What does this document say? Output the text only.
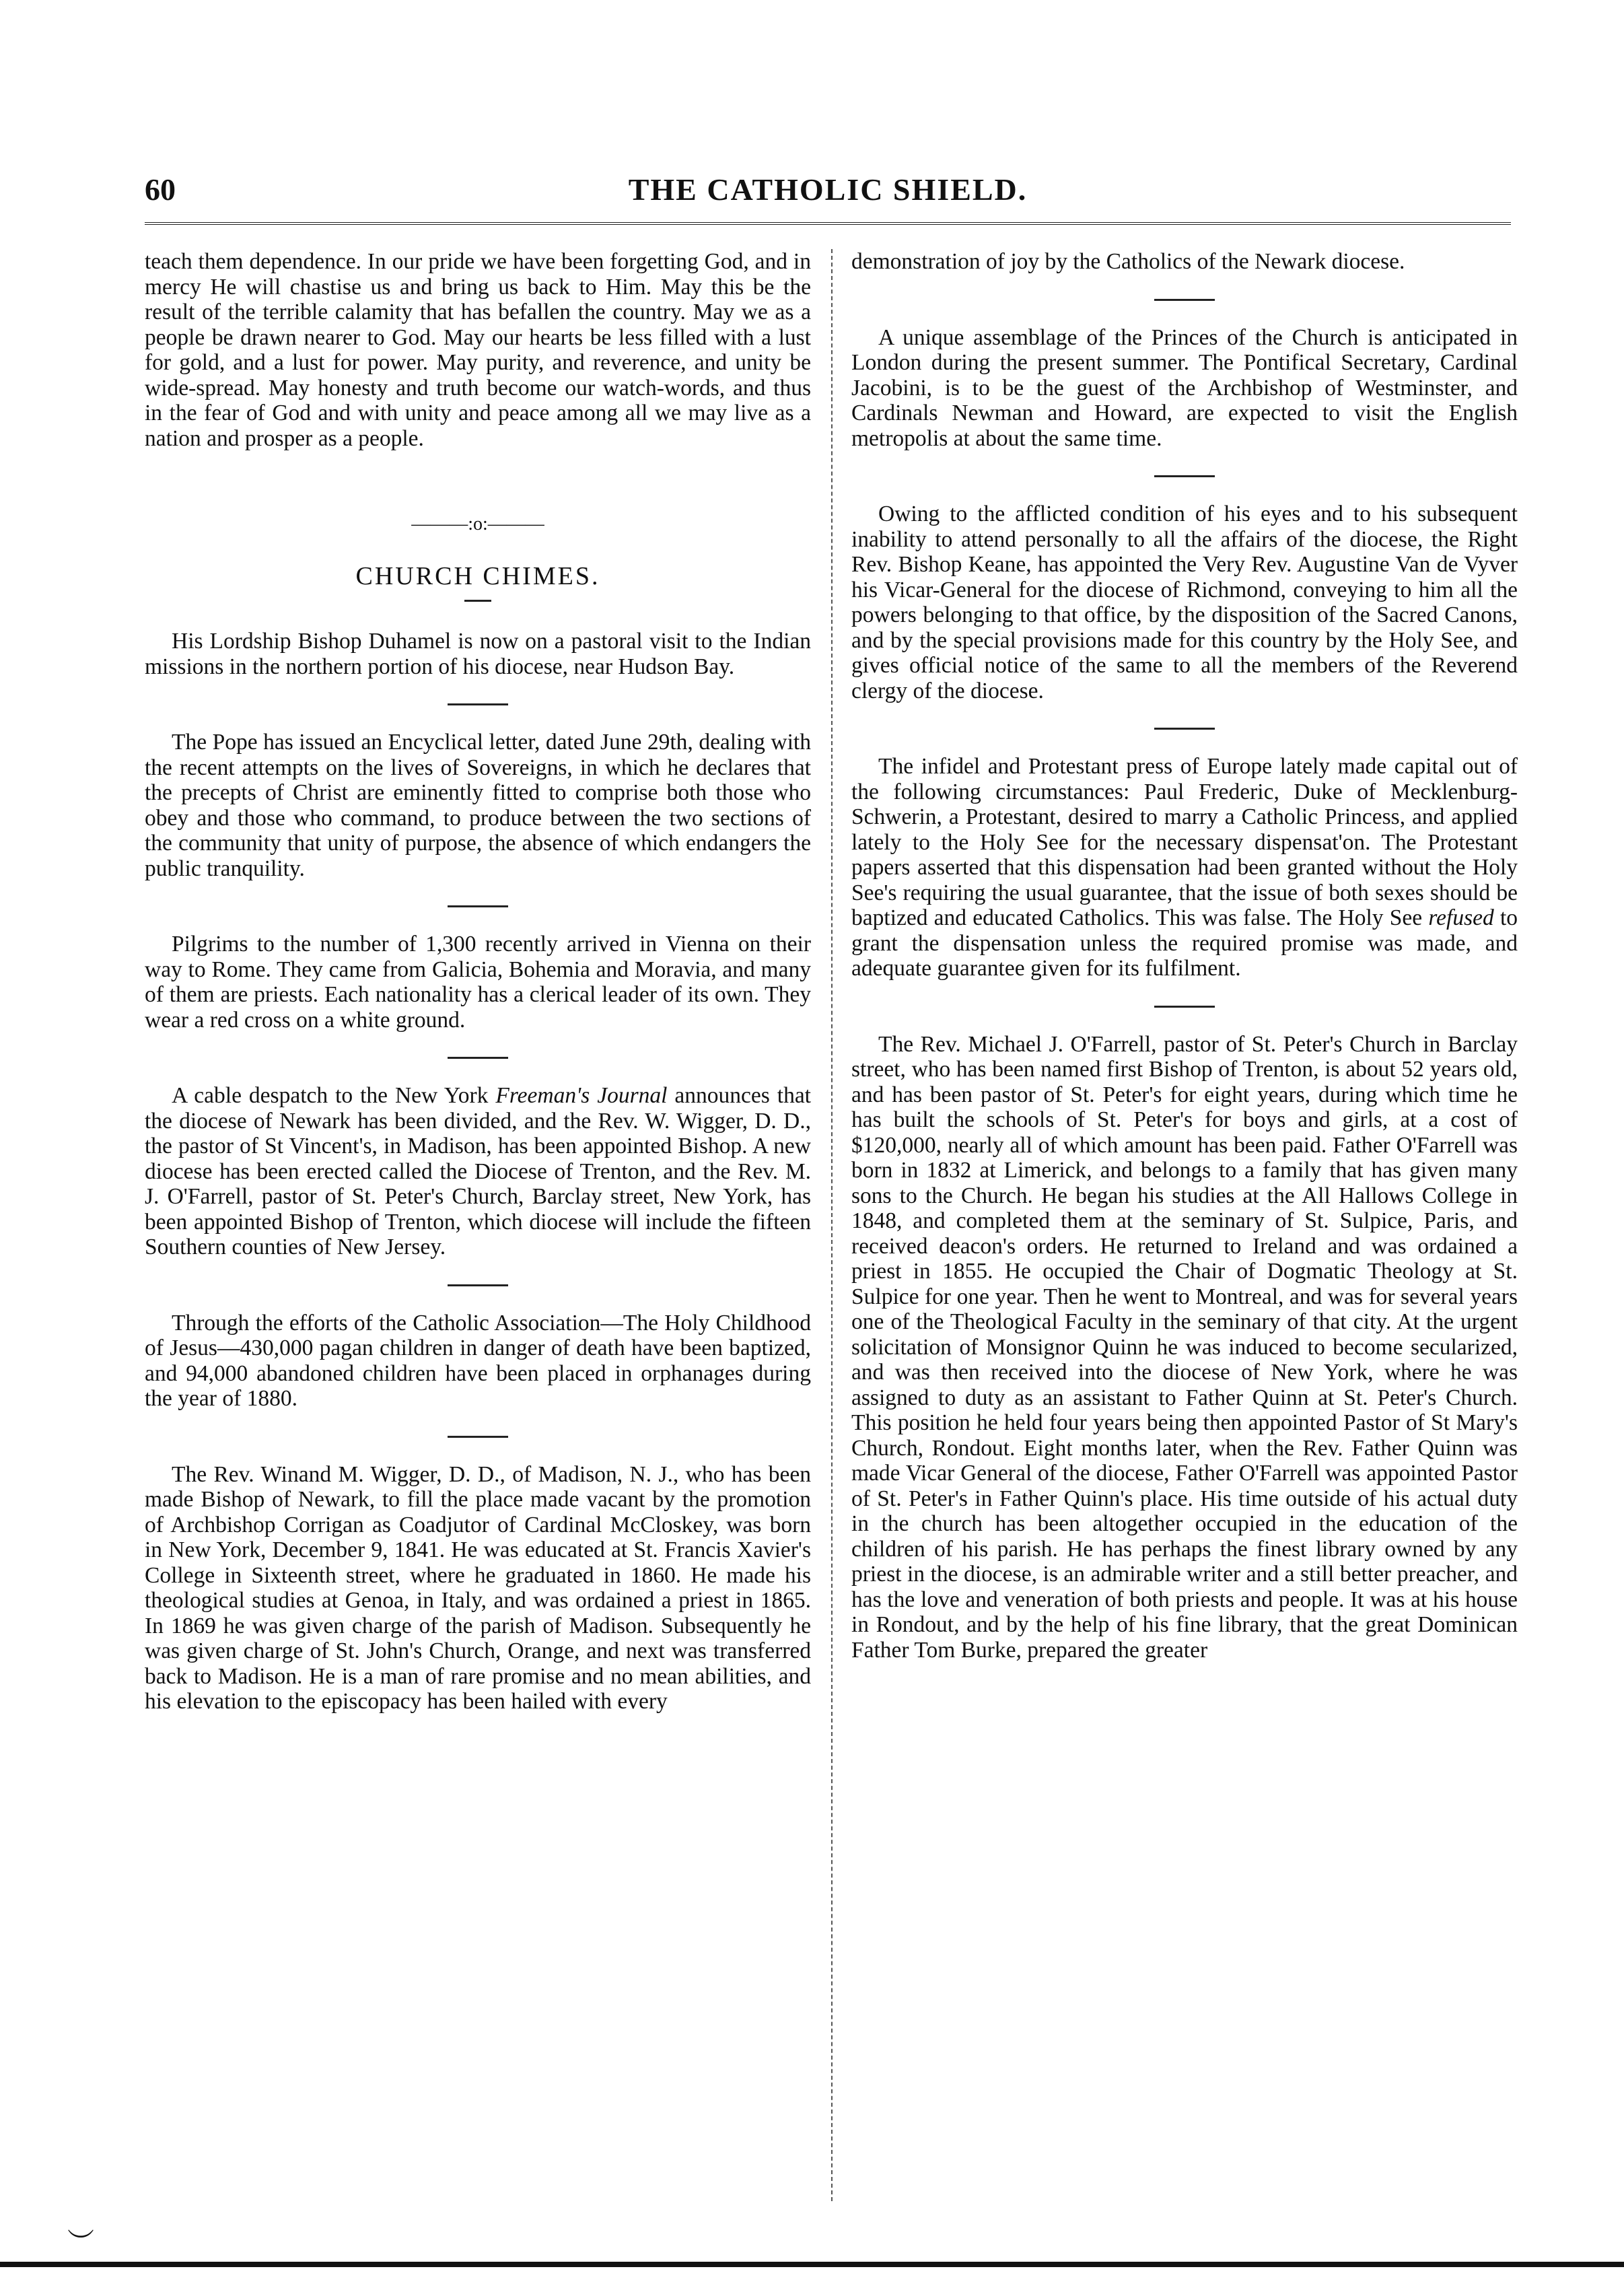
60	THE CATHOLIC SHIELD.

teach them dependence. In our pride we have been forgetting God, and in mercy He will chastise us and bring us back to Him. May this be the result of the terrible calamity that has befallen the country. May we as a people be drawn nearer to God. May our hearts be less filled with a lust for gold, and a lust for power. May purity, and reverence, and unity be wide-spread. May honesty and truth become our watch-words, and thus in the fear of God and with unity and peace among all we may live as a nation and prosper as a people.

———:o:———
CHURCH CHIMES.

His Lordship Bishop Duhamel is now on a pastoral visit to the Indian missions in the northern portion of his diocese, near Hudson Bay.

The Pope has issued an Encyclical letter, dated June 29th, dealing with the recent attempts on the lives of Sovereigns, in which he declares that the precepts of Christ are eminently fitted to comprise both those who obey and those who command, to produce between the two sections of the community that unity of purpose, the absence of which endangers the public tranquility.

Pilgrims to the number of 1,300 recently arrived in Vienna on their way to Rome. They came from Galicia, Bohemia and Moravia, and many of them are priests. Each nationality has a clerical leader of its own. They wear a red cross on a white ground.

A cable despatch to the New York Freeman's Journal announces that the diocese of Newark has been divided, and the Rev. W. Wigger, D. D., the pastor of St Vincent's, in Madison, has been appointed Bishop. A new diocese has been erected called the Diocese of Trenton, and the Rev. M. J. O'Farrell, pastor of St. Peter's Church, Barclay street, New York, has been appointed Bishop of Trenton, which diocese will include the fifteen Southern counties of New Jersey.

Through the efforts of the Catholic Association—The Holy Childhood of Jesus—430,000 pagan children in danger of death have been baptized, and 94,000 abandoned children have been placed in orphanages during the year of 1880.

The Rev. Winand M. Wigger, D. D., of Madison, N. J., who has been made Bishop of Newark, to fill the place made vacant by the promotion of Archbishop Corrigan as Coadjutor of Cardinal McCloskey, was born in New York, December 9, 1841. He was educated at St. Francis Xavier's College in Sixteenth street, where he graduated in 1860. He made his theological studies at Genoa, in Italy, and was ordained a priest in 1865. In 1869 he was given charge of the parish of Madison. Subsequently he was given charge of St. John's Church, Orange, and next was transferred back to Madison. He is a man of rare promise and no mean abilities, and his elevation to the episcopacy has been hailed with every

demonstration of joy by the Catholics of the Newark diocese.

A unique assemblage of the Princes of the Church is anticipated in London during the present summer. The Pontifical Secretary, Cardinal Jacobini, is to be the guest of the Archbishop of Westminster, and Cardinals Newman and Howard, are expected to visit the English metropolis at about the same time.

Owing to the afflicted condition of his eyes and to his subsequent inability to attend personally to all the affairs of the diocese, the Right Rev. Bishop Keane, has appointed the Very Rev. Augustine Van de Vyver his Vicar-General for the diocese of Richmond, conveying to him all the powers belonging to that office, by the disposition of the Sacred Canons, and by the special provisions made for this country by the Holy See, and gives official notice of the same to all the members of the Reverend clergy of the diocese.

The infidel and Protestant press of Europe lately made capital out of the following circumstances: Paul Frederic, Duke of Mecklenburg-Schwerin, a Protestant, desired to marry a Catholic Princess, and applied lately to the Holy See for the necessary dispensat'on. The Protestant papers asserted that this dispensation had been granted without the Holy See's requiring the usual guarantee, that the issue of both sexes should be baptized and educated Catholics. This was false. The Holy See refused to grant the dispensation unless the required promise was made, and adequate guarantee given for its fulfilment.

The Rev. Michael J. O'Farrell, pastor of St. Peter's Church in Barclay street, who has been named first Bishop of Trenton, is about 52 years old, and has been pastor of St. Peter's for eight years, during which time he has built the schools of St. Peter's for boys and girls, at a cost of $120,000, nearly all of which amount has been paid. Father O'Farrell was born in 1832 at Limerick, and belongs to a family that has given many sons to the Church. He began his studies at the All Hallows College in 1848, and completed them at the seminary of St. Sulpice, Paris, and received deacon's orders. He returned to Ireland and was ordained a priest in 1855. He occupied the Chair of Dogmatic Theology at St. Sulpice for one year. Then he went to Montreal, and was for several years one of the Theological Faculty in the seminary of that city. At the urgent solicitation of Monsignor Quinn he was induced to become secularized, and was then received into the diocese of New York, where he was assigned to duty as an assistant to Father Quinn at St. Peter's Church. This position he held four years being then appointed Pastor of St Mary's Church, Rondout. Eight months later, when the Rev. Father Quinn was made Vicar General of the diocese, Father O'Farrell was appointed Pastor of St. Peter's in Father Quinn's place. His time outside of his actual duty in the church has been altogether occupied in the education of the children of his parish. He has perhaps the finest library owned by any priest in the diocese, is an admirable writer and a still better preacher, and has the love and veneration of both priests and people. It was at his house in Rondout, and by the help of his fine library, that the great Dominican Father Tom Burke, prepared the greater

︶
